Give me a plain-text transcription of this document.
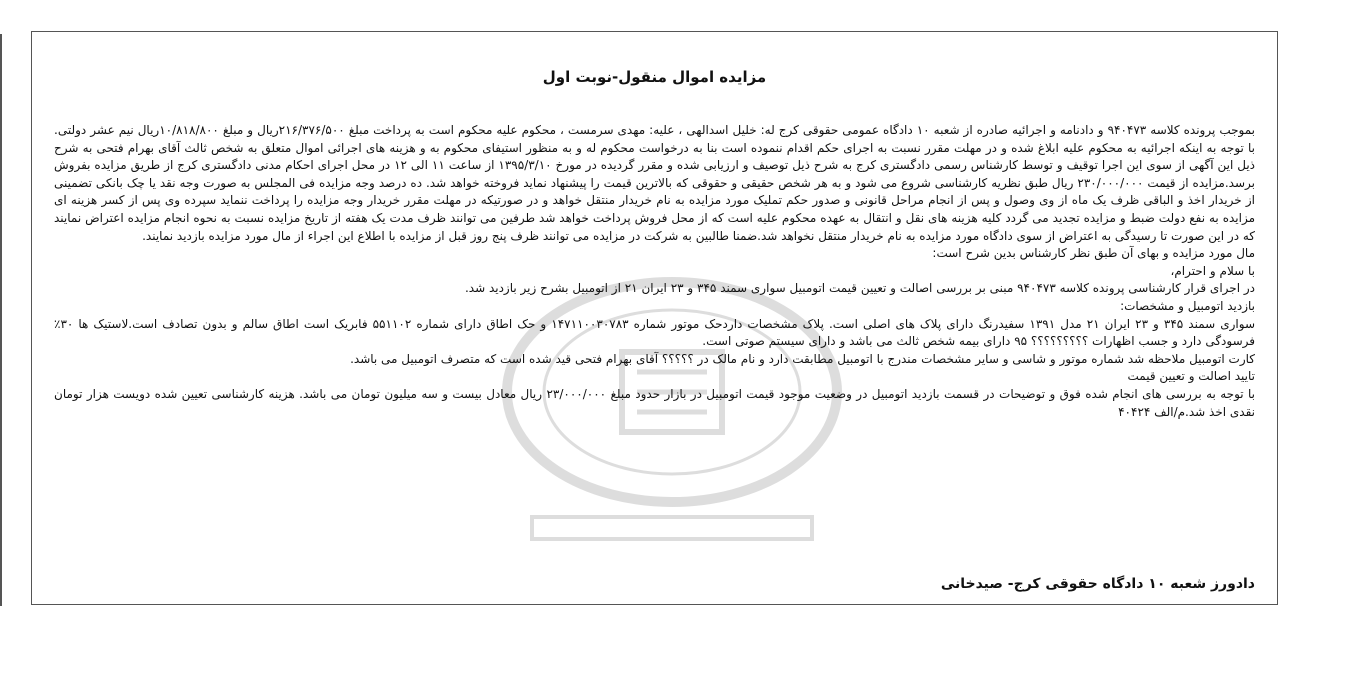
مزایده اموال منقول-نوبت اول

بموجب پرونده کلاسه ۹۴۰۴۷۳ و دادنامه و اجرائیه صادره از شعبه ۱۰ دادگاه عمومی حقوقی کرج له: خلیل اسدالهی ، علیه: مهدی سرمست ، محکوم علیه محکوم است به پرداخت مبلغ ۲۱۶/۳۷۶/۵۰۰ریال و مبلغ ۱۰/۸۱۸/۸۰۰ریال نیم عشر دولتی. با توجه به اینکه اجرائیه به محکوم علیه ابلاغ شده و در مهلت مقرر نسبت به اجرای حکم اقدام ننموده است بنا به درخواست محکوم له و به منظور استیفای محکوم به و هزینه های اجرائی اموال متعلق به شخص ثالث آقای بهرام فتحی به شرح ذیل این آگهی از سوی این اجرا توقیف و توسط کارشناس رسمی دادگستری کرج به شرح ذیل توصیف و ارزیابی شده و مقرر گردیده در مورخ ۱۳۹۵/۳/۱۰ از ساعت ۱۱ الی ۱۲ در محل اجرای احکام مدنی دادگستری کرج از طریق مزایده بفروش برسد.مزایده از قیمت ۲۳۰/۰۰۰/۰۰۰ ریال طبق نظریه کارشناسی شروع می شود و به هر شخص حقیقی و حقوقی که بالاترین قیمت را پیشنهاد نماید فروخته خواهد شد. ده درصد وجه مزایده فی المجلس به صورت وجه نقد یا چک بانکی تضمینی از خریدار اخذ و الباقی ظرف یک ماه از وی وصول و پس از انجام مراحل قانونی و صدور حکم تملیک مورد مزایده به نام خریدار منتقل خواهد و در صورتیکه در مهلت مقرر خریدار وجه مزایده را پرداخت ننماید سپرده وی پس از کسر هزینه ای مزایده به نفع دولت ضبط و مزایده تجدید می گردد کلیه هزینه های نقل و انتقال به عهده محکوم علیه است که از محل فروش پرداخت خواهد شد طرفین می توانند ظرف مدت یک هفته از تاریخ مزایده نسبت به نحوه انجام مزایده اعتراض نمایند که در این صورت تا رسیدگی به اعتراض از سوی دادگاه مورد مزایده به نام خریدار منتقل نخواهد شد.ضمنا طالبین به شرکت در مزایده می توانند ظرف پنج روز قبل از مزایده با اطلاع این اجراء از مال مورد مزایده بازدید نمایند.

مال مورد مزایده و بهای آن طبق نظر کارشناس بدین شرح است:

با سلام و احترام،

در اجرای قرار کارشناسی پرونده کلاسه ۹۴۰۴۷۳ مبنی بر بررسی اصالت و تعیین قیمت اتومبیل سواری سمند ۳۴۵ و ۲۳ ایران ۲۱ از اتومبیل بشرح زیر بازدید شد.

بازدید اتومبیل و مشخصات:

سواری سمند ۳۴۵ و ۲۳ ایران ۲۱ مدل ۱۳۹۱ سفیدرنگ دارای پلاک های اصلی است. پلاک مشخصات داردحک موتور شماره ۱۴۷۱۱۰۰۳۰۷۸۳ و حک اطاق دارای شماره ۵۵۱۱۰۲ فابریک است اطاق سالم و بدون تصادف است.لاستیک ها ۳۰٪ فرسودگی دارد و جسب اظهارات ؟؟؟؟؟؟؟؟؟ ۹۵ دارای بیمه شخص ثالث می باشد و دارای سیستم صوتی است.

کارت اتومبیل ملاحظه شد شماره موتور و شاسی و سایر مشخصات مندرج با اتومبیل مطابقت دارد و نام مالک در ؟؟؟؟؟ آقای بهرام فتحی قید شده است که متصرف اتومبیل می باشد.

تایید اصالت و تعیین قیمت

با توجه به بررسی های انجام شده فوق و توضیحات در قسمت بازدید اتومبیل در وضعیت موجود قیمت اتومبیل در بازار حدود مبلغ ۲۳/۰۰۰/۰۰۰ ریال معادل بیست و سه میلیون تومان می باشد. هزینه کارشناسی تعیین شده دویست هزار تومان نقدی اخذ شد.م/الف ۴۰۴۲۴

دادورز شعبه ۱۰ دادگاه حقوقی کرج- صیدخانی
